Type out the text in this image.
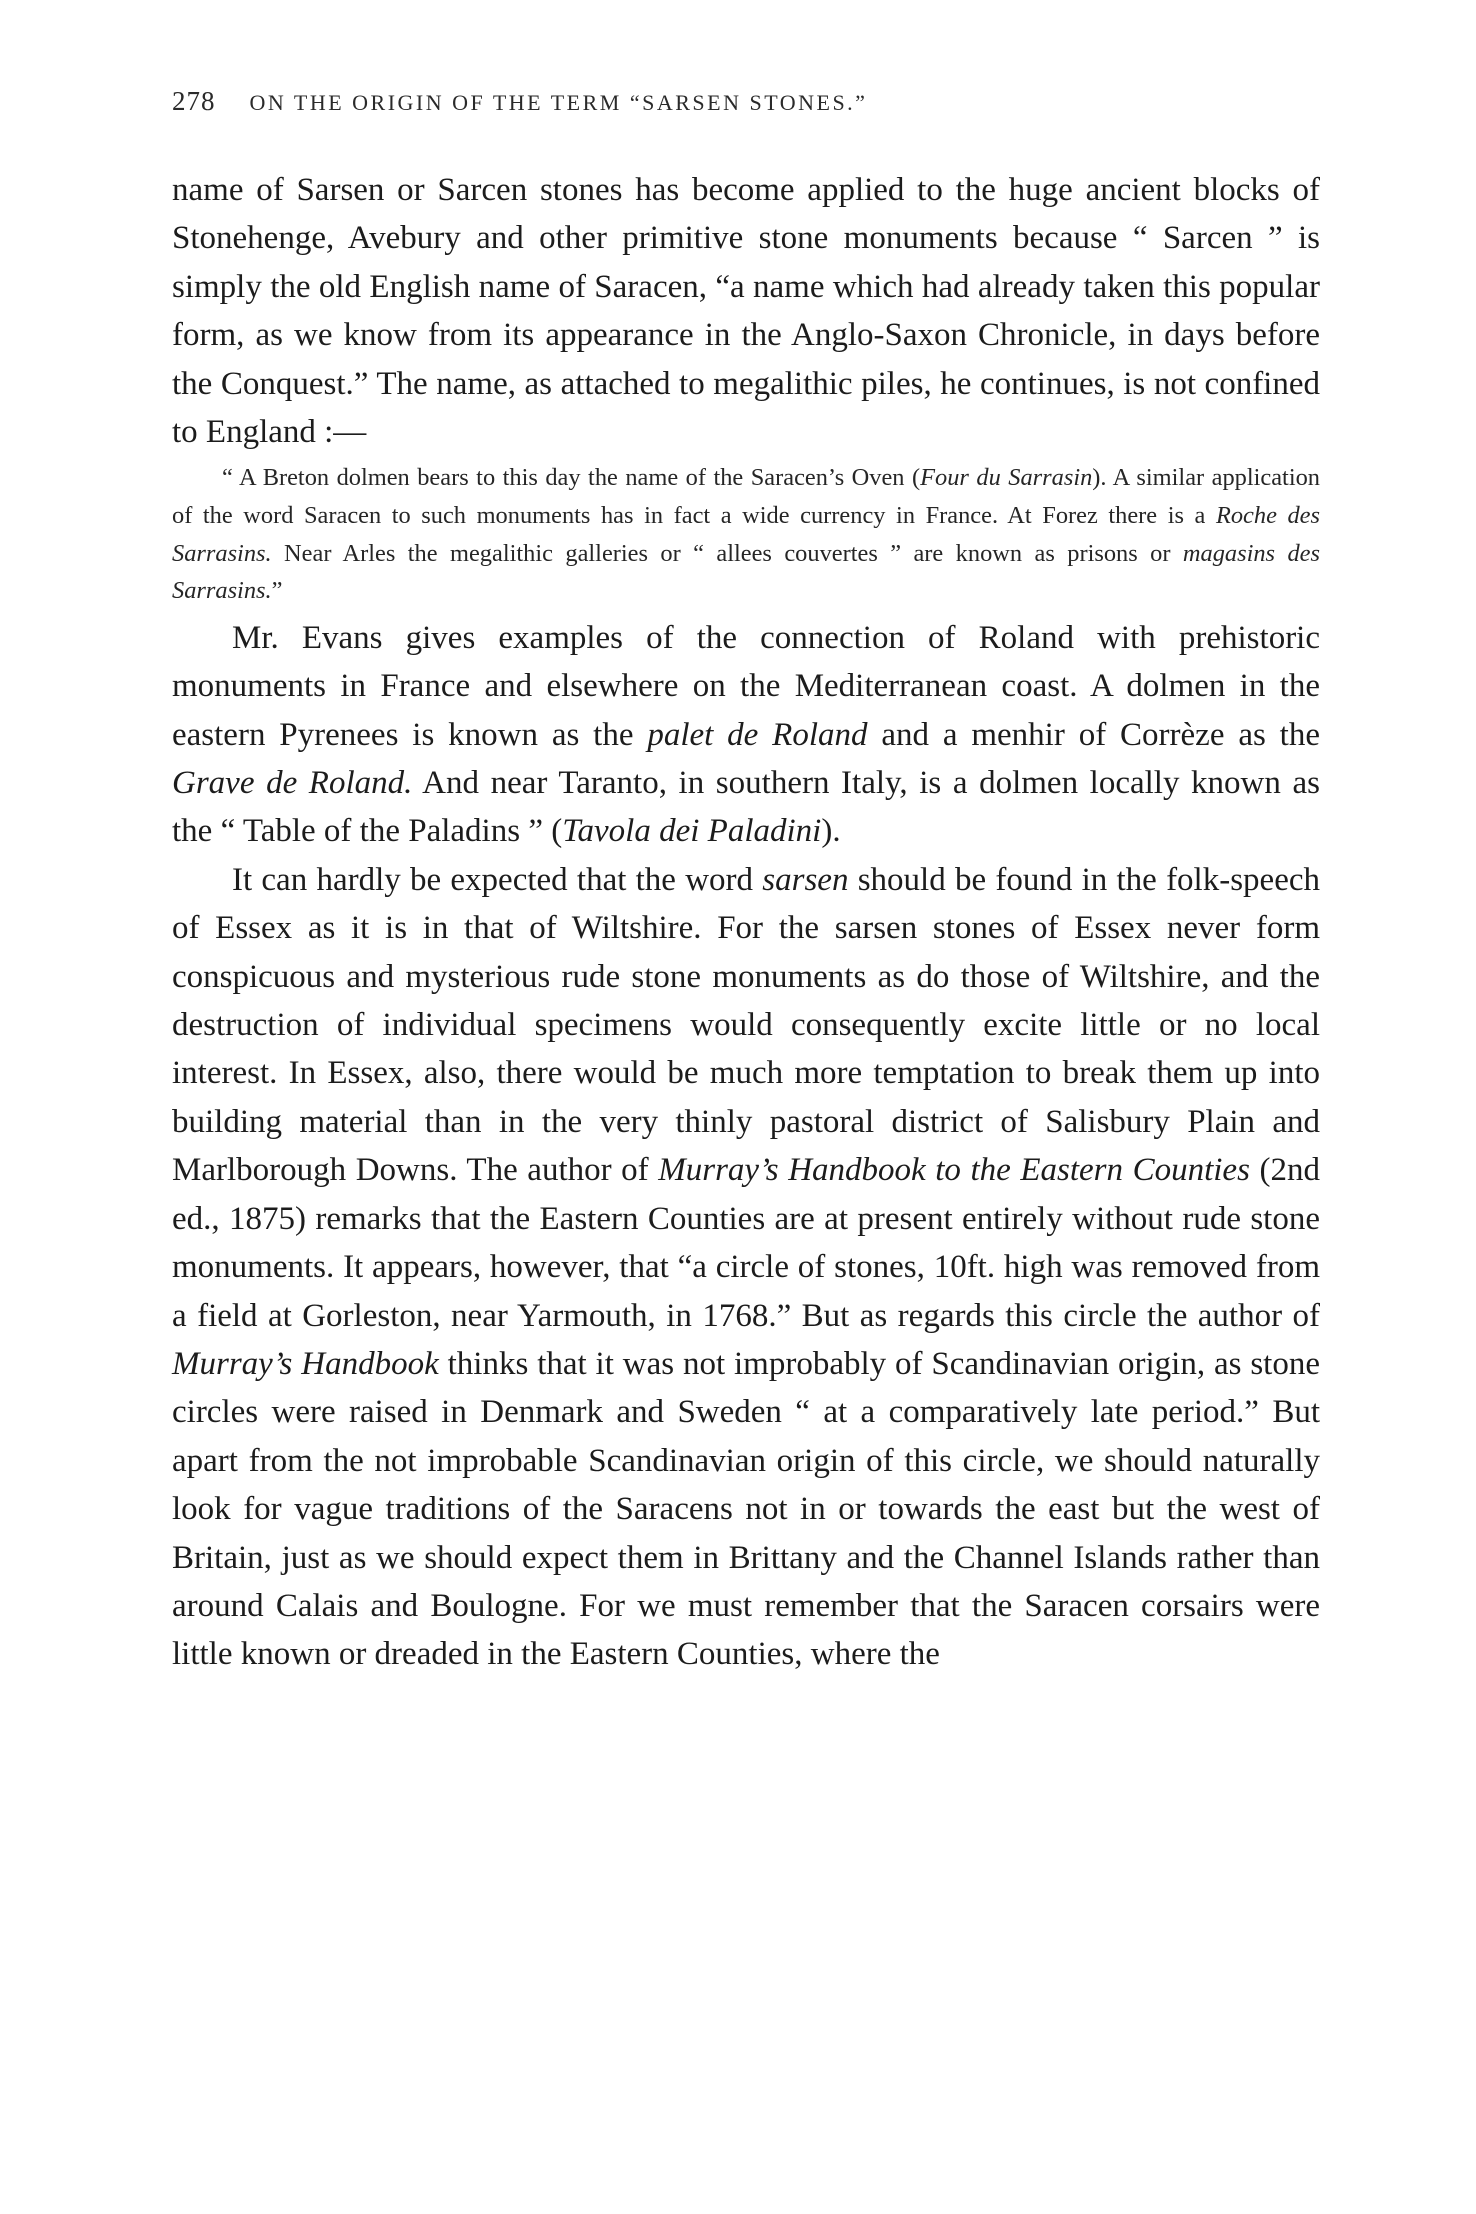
278 ON THE ORIGIN OF THE TERM “SARSEN STONES.”

name of Sarsen or Sarcen stones has become applied to the huge ancient blocks of Stonehenge, Avebury and other primitive stone monuments because “ Sarcen ” is simply the old English name of Saracen, “a name which had already taken this popular form, as we know from its appearance in the Anglo-Saxon Chronicle, in days before the Conquest.” The name, as attached to megalithic piles, he continues, is not confined to England :—

“ A Breton dolmen bears to this day the name of the Saracen’s Oven (Four du Sarrasin). A similar application of the word Saracen to such monuments has in fact a wide currency in France. At Forez there is a Roche des Sarrasins. Near Arles the megalithic galleries or “ allees couvertes ” are known as prisons or magasins des Sarrasins.”

Mr. Evans gives examples of the connection of Roland with prehistoric monuments in France and elsewhere on the Mediterranean coast. A dolmen in the eastern Pyrenees is known as the palet de Roland and a menhir of Corrèze as the Grave de Roland. And near Taranto, in southern Italy, is a dolmen locally known as the “ Table of the Paladins ” (Tavola dei Paladini).

It can hardly be expected that the word sarsen should be found in the folk-speech of Essex as it is in that of Wiltshire. For the sarsen stones of Essex never form conspicuous and mysterious rude stone monuments as do those of Wiltshire, and the destruction of individual specimens would consequently excite little or no local interest. In Essex, also, there would be much more temptation to break them up into building material than in the very thinly pastoral district of Salisbury Plain and Marlborough Downs. The author of Murray’s Handbook to the Eastern Counties (2nd ed., 1875) remarks that the Eastern Counties are at present entirely without rude stone monuments. It appears, however, that “a circle of stones, 10ft. high was removed from a field at Gorleston, near Yarmouth, in 1768.” But as regards this circle the author of Murray’s Handbook thinks that it was not improbably of Scandinavian origin, as stone circles were raised in Denmark and Sweden “ at a comparatively late period.” But apart from the not improbable Scandinavian origin of this circle, we should naturally look for vague traditions of the Saracens not in or towards the east but the west of Britain, just as we should expect them in Brittany and the Channel Islands rather than around Calais and Boulogne. For we must remember that the Saracen corsairs were little known or dreaded in the Eastern Counties, where the
